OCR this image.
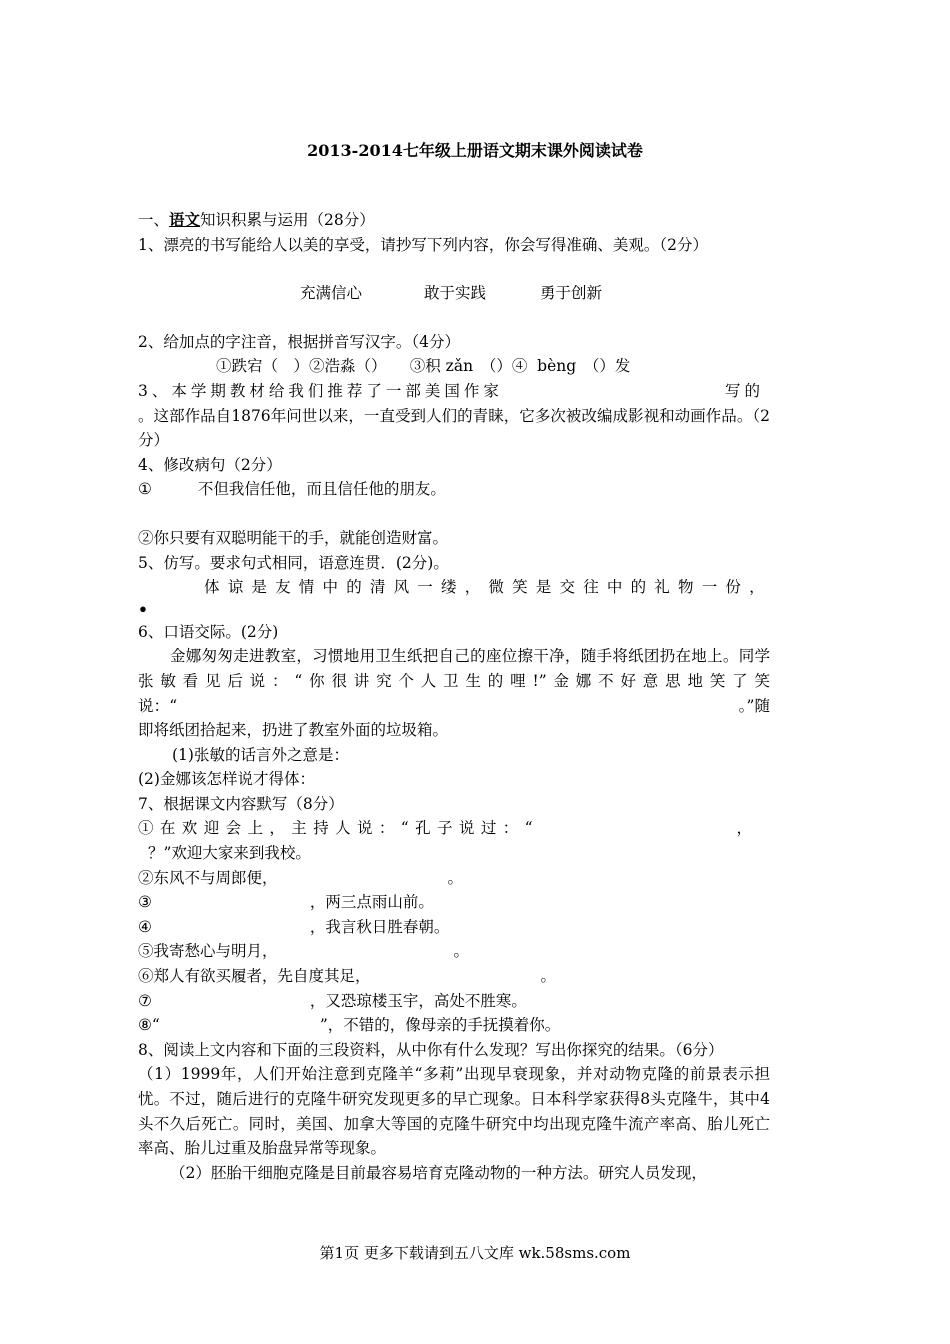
2013-2014七年级上册语文期末课外阅读试卷
一、语文知识积累与运用（28分）
1、漂亮的书写能给人以美的享受，请抄写下列内容，你会写得准确、美观。（2分）
充满信心	敢于实践	勇于创新
2、给加点的字注音，根据拼音写汉字。（4分）
①跌宕（　）②浩淼（）　　③积 zǎn　（）④  bèng　（）发
3、本学期教材给我们推荐了一部美国作家	写的
。这部作品自1876年问世以来，一直受到人们的青睐，它多次被改编成影视和动画作品。（2分）
4、修改病句（2分）
①	不但我信任他，而且信任他的朋友。
②你只要有双聪明能干的手，就能创造财富。
5、仿写。要求句式相同，语意连贯．(2分)。
体谅是友情中的清风一缕，微笑是交往中的礼物一份，
•
6、口语交际。(2分)
金娜匆匆走进教室，习惯地用卫生纸把自己的座位擦干净，随手将纸团扔在地上。同学张敏看见后说：“你很讲究个人卫生的哩!”金娜不好意思地笑了笑说：“　　　　　　　　　　　　　　　　　　　　　　　　　　　　　　　　　　　　。”随即将纸团拾起来，扔进了教室外面的垃圾箱。
(1)张敏的话言外之意是：
(2)金娜该怎样说才得体：
7、根据课文内容默写（8分）
①在欢迎会上，主持人说：“孔子说过：“	，
？”欢迎大家来到我校。
②东风不与周郎便，	。
③	，两三点雨山前。
④	，我言秋日胜春朝。
⑤我寄愁心与明月，	。
⑥郑人有欲买履者，先自度其足，	。
⑦	，又恐琼楼玉宇，高处不胜寒。
⑧“	”，不错的，像母亲的手抚摸着你。
8、阅读上文内容和下面的三段资料，从中你有什么发现？写出你探究的结果。（6分）
（1）1999年，人们开始注意到克隆羊“多莉”出现早衰现象，并对动物克隆的前景表示担忧。不过，随后进行的克隆牛研究发现更多的早亡现象。日本科学家获得8头克隆牛，其中4头不久后死亡。同时，美国、加拿大等国的克隆牛研究中均出现克隆牛流产率高、胎儿死亡率高、胎儿过重及胎盘异常等现象。
（2）胚胎干细胞克隆是目前最容易培育克隆动物的一种方法。研究人员发现，
第1页 更多下载请到五八文库 wk.58sms.com
